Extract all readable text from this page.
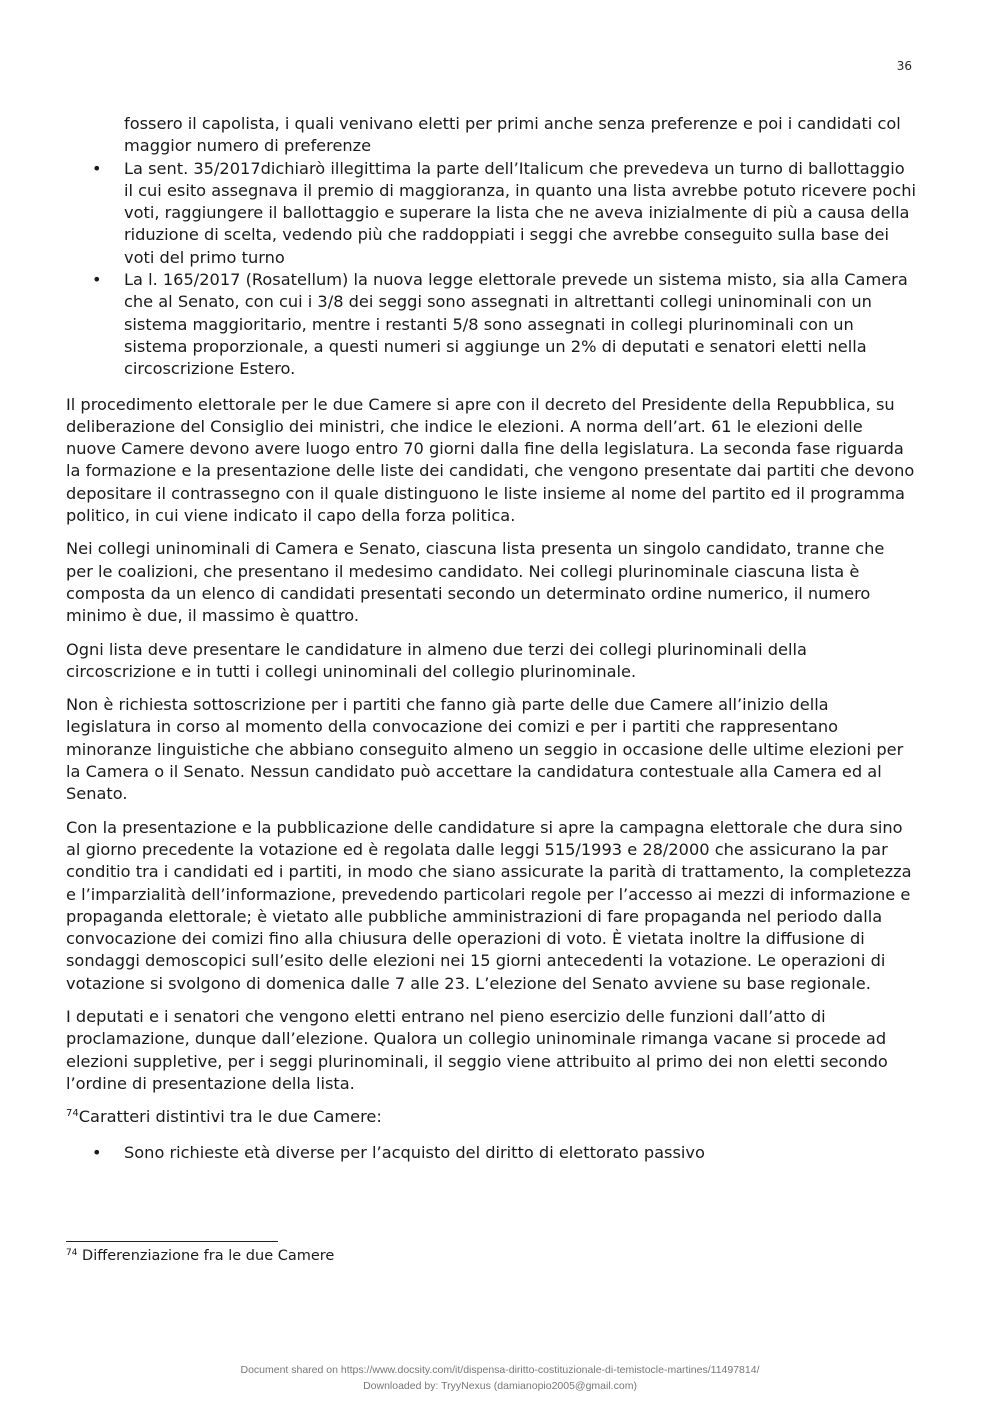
36
fossero il capolista, i quali venivano eletti per primi anche senza preferenze e poi i candidati col maggior numero di preferenze
• La sent. 35/2017dichiarò illegittima la parte dell’Italicum che prevedeva un turno di ballottaggio il cui esito assegnava il premio di maggioranza, in quanto una lista avrebbe potuto ricevere pochi voti, raggiungere il ballottaggio e superare la lista che ne aveva inizialmente di più a causa della riduzione di scelta, vedendo più che raddoppiati i seggi che avrebbe conseguito sulla base dei voti del primo turno
• La l. 165/2017 (Rosatellum) la nuova legge elettorale prevede un sistema misto, sia alla Camera che al Senato, con cui i 3/8 dei seggi sono assegnati in altrettanti collegi uninominali con un sistema maggioritario, mentre i restanti 5/8 sono assegnati in collegi plurinominali con un sistema proporzionale, a questi numeri si aggiunge un 2% di deputati e senatori eletti nella circoscrizione Estero.

Il procedimento elettorale per le due Camere si apre con il decreto del Presidente della Repubblica, su deliberazione del Consiglio dei ministri, che indice le elezioni. A norma dell’art. 61 le elezioni delle nuove Camere devono avere luogo entro 70 giorni dalla fine della legislatura. La seconda fase riguarda la formazione e la presentazione delle liste dei candidati, che vengono presentate dai partiti che devono depositare il contrassegno con il quale distinguono le liste insieme al nome del partito ed il programma politico, in cui viene indicato il capo della forza politica.

Nei collegi uninominali di Camera e Senato, ciascuna lista presenta un singolo candidato, tranne che per le coalizioni, che presentano il medesimo candidato. Nei collegi plurinominale ciascuna lista è composta da un elenco di candidati presentati secondo un determinato ordine numerico, il numero minimo è due, il massimo è quattro.

Ogni lista deve presentare le candidature in almeno due terzi dei collegi plurinominali della circoscrizione e in tutti i collegi uninominali del collegio plurinominale.

Non è richiesta sottoscrizione per i partiti che fanno già parte delle due Camere all’inizio della legislatura in corso al momento della convocazione dei comizi e per i partiti che rappresentano minoranze linguistiche che abbiano conseguito almeno un seggio in occasione delle ultime elezioni per la Camera o il Senato. Nessun candidato può accettare la candidatura contestuale alla Camera ed al Senato.

Con la presentazione e la pubblicazione delle candidature si apre la campagna elettorale che dura sino al giorno precedente la votazione ed è regolata dalle leggi 515/1993 e 28/2000 che assicurano la par conditio tra i candidati ed i partiti, in modo che siano assicurate la parità di trattamento, la completezza e l’imparzialità dell’informazione, prevedendo particolari regole per l’accesso ai mezzi di informazione e propaganda elettorale; è vietato alle pubbliche amministrazioni di fare propaganda nel periodo dalla convocazione dei comizi fino alla chiusura delle operazioni di voto. È vietata inoltre la diffusione di sondaggi demoscopici sull’esito delle elezioni nei 15 giorni antecedenti la votazione. Le operazioni di votazione si svolgono di domenica dalle 7 alle 23. L’elezione del Senato avviene su base regionale.

I deputati e i senatori che vengono eletti entrano nel pieno esercizio delle funzioni dall’atto di proclamazione, dunque dall’elezione. Qualora un collegio uninominale rimanga vacane si procede ad elezioni suppletive, per i seggi plurinominali, il seggio viene attribuito al primo dei non eletti secondo l’ordine di presentazione della lista.

$^{74}$Caratteri distintivi tra le due Camere:

• Sono richieste età diverse per l’acquisto del diritto di elettorato passivo
$^{74}$ Differenziazione fra le due Camere
Document shared on https://www.docsity.com/it/dispensa-diritto-costituzionale-di-temistocle-martines/11497814/
Downloaded by: TryyNexus (damianopio2005@gmail.com)
